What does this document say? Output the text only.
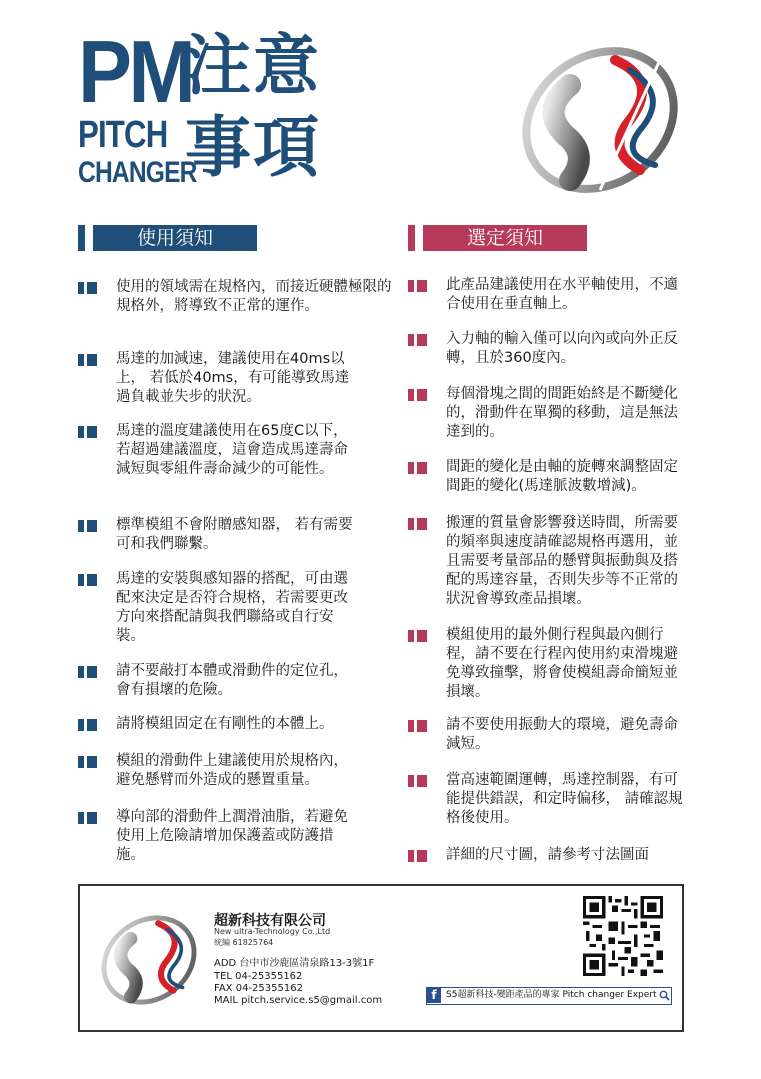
PM
PITCH
CHANGER
注意
事項
使用須知	選定須知
使用的領域需在規格內，而接近硬體極限的規格外，將導致不正常的運作。
馬達的加減速，建議使用在40ms以上， 若低於40ms，有可能導致馬達過負載並失步的狀況。
馬達的溫度建議使用在65度C以下，若超過建議溫度，這會造成馬達壽命減短與零組件壽命減少的可能性。
標準模組不會附贈感知器， 若有需要可和我們聯繫。
馬達的安裝與感知器的搭配，可由選配來決定是否符合規格，若需要更改方向來搭配請與我們聯絡或自行安裝。
請不要敲打本體或滑動件的定位孔，會有損壞的危險。
請將模組固定在有剛性的本體上。
模組的滑動件上建議使用於規格內，避免懸臂而外造成的懸置重量。
導向部的滑動件上潤滑油脂，若避免使用上危險請增加保護蓋或防護措施。
此產品建議使用在水平軸使用，不適合使用在垂直軸上。
入力軸的輸入僅可以向內或向外正反轉，且於360度內。
每個滑塊之間的間距始終是不斷變化的，滑動件在單獨的移動，這是無法達到的。
間距的變化是由軸的旋轉來調整固定間距的變化(馬達脈波數增減)。
搬運的質量會影響發送時間，所需要的頻率與速度請確認規格再選用，並且需要考量部品的懸臂與振動與及搭配的馬達容量，否則失步等不正常的狀況會導致產品損壞。
模組使用的最外側行程與最內側行程，請不要在行程內使用約束滑塊避免導致撞擊，將會使模組壽命簡短並損壞。
請不要使用振動大的環境，避免壽命減短。
當高速範圍運轉，馬達控制器，有可能提供錯誤，和定時偏移， 請確認規格後使用。
詳細的尺寸圖，請參考寸法圖面
超新科技有限公司
New ultra-Technology Co.,Ltd
統編 61825764
ADD 台中市沙鹿區清泉路13-3號1F
TEL 04-25355162
FAX 04-25355162
MAIL pitch.service.s5@gmail.com	f	S5超新科技-變距產品的專家 Pitch changer Expert
